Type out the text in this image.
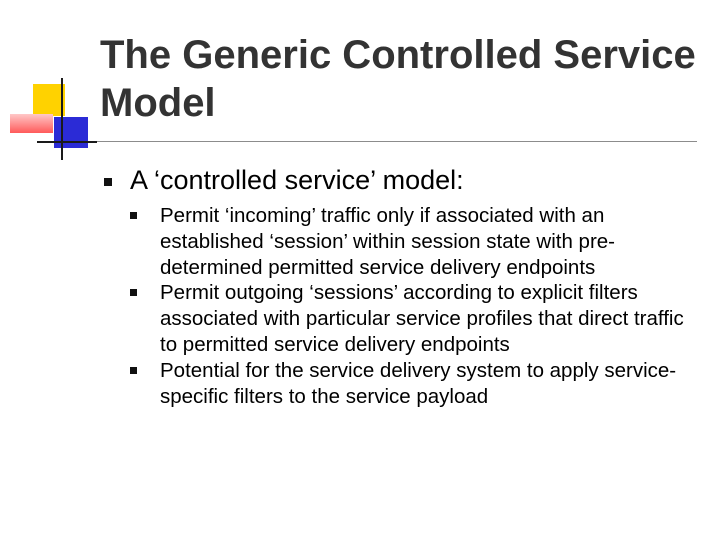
The Generic Controlled Service Model

A ‘controlled service’ model:

Permit ‘incoming’ traffic only if associated with an established ‘session’ within session state with pre-determined permitted service delivery endpoints
Permit outgoing ‘sessions’ according to explicit filters associated with particular service profiles that direct traffic to permitted service delivery endpoints
Potential for the service delivery system to apply service-specific filters to the service payload
